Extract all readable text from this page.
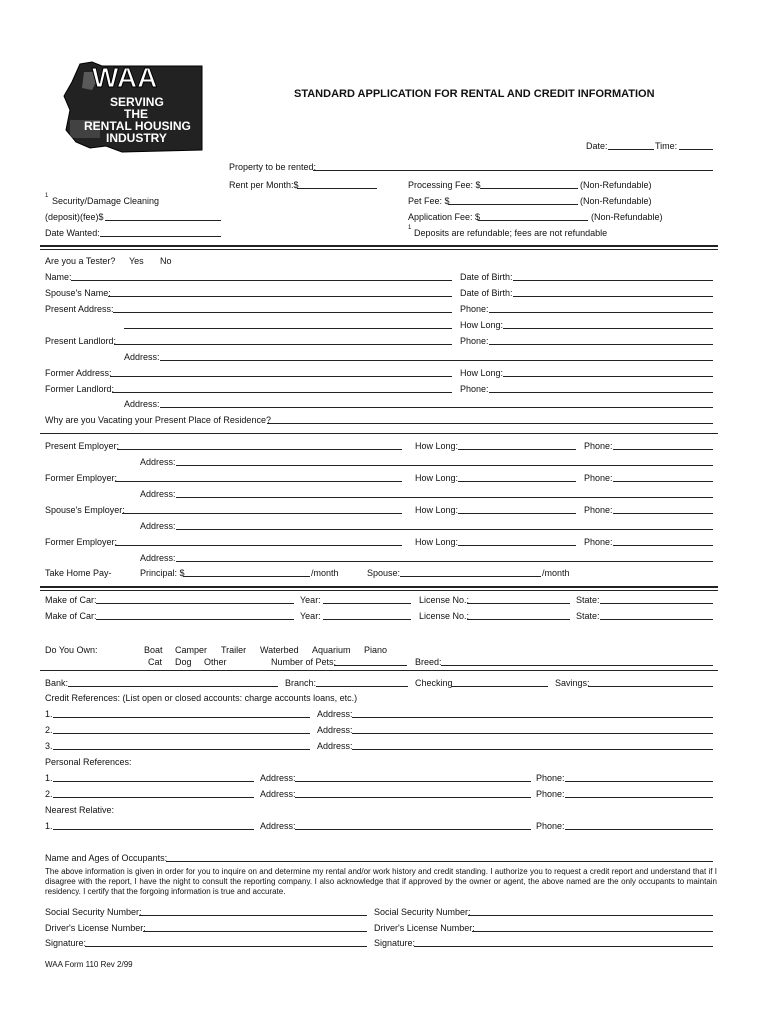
WAA
SERVING
THE
RENTAL HOUSING
INDUSTRY
STANDARD APPLICATION FOR RENTAL AND CREDIT INFORMATION
Date:	Time:
Property to be rented:
Rent per Month:$	Processing Fee: $	(Non-Refundable)
$^1$ Security/Damage Cleaning	Pet Fee: $	(Non-Refundable)
(deposit)(fee)$	Application Fee: $	(Non-Refundable)
Date Wanted:	$^1$ Deposits are refundable; fees are not refundable
Are you a Tester? Yes No
Name:	Date of Birth:
Spouse's Name:	Date of Birth:
Present Address:	Phone:
How Long:
Present Landlord:	Phone:
Address:
Former Address:	How Long:
Former Landlord:	Phone:
Address:
Why are you Vacating your Present Place of Residence?
Present Employer:	How Long:	Phone:
Address:
Former Employer:	How Long:	Phone:
Address:
Spouse's Employer:	How Long:	Phone:
Address:
Former Employer:	How Long:	Phone:
Address:
Take Home Pay-	Principal: $	/month	Spouse:	/month
Make of Car:	Year:	License No.:	State:
Make of Car:	Year:	License No.:	State:
Do You Own:	Boat Camper Trailer Waterbed Aquarium Piano
Cat Dog Other	Number of Pets:	Breed:
Bank:	Branch:	Checking	Savings:
Credit References: (List open or closed accounts: charge accounts loans, etc.)
1.	Address:
2.	Address:
3.	Address:
Personal References:
1.	Address:	Phone:
2.	Address:	Phone:
Nearest Relative:
1.	Address:	Phone:
Name and Ages of Occupants:
The above information is given in order for you to inquire on and determine my rental and/or work history and credit standing. I authorize you to request a credit report and understand that if I disagree with the report, I have the night to consult the reporting company. I also acknowledge that if approved by the owner or agent, the above named are the only occupants to maintain residency. I certify that the forgoing information is true and accurate.
Social Security Number:	Social Security Number:
Driver's License Number:	Driver's License Number:
Signature:	Signature:
WAA Form 110 Rev 2/99
